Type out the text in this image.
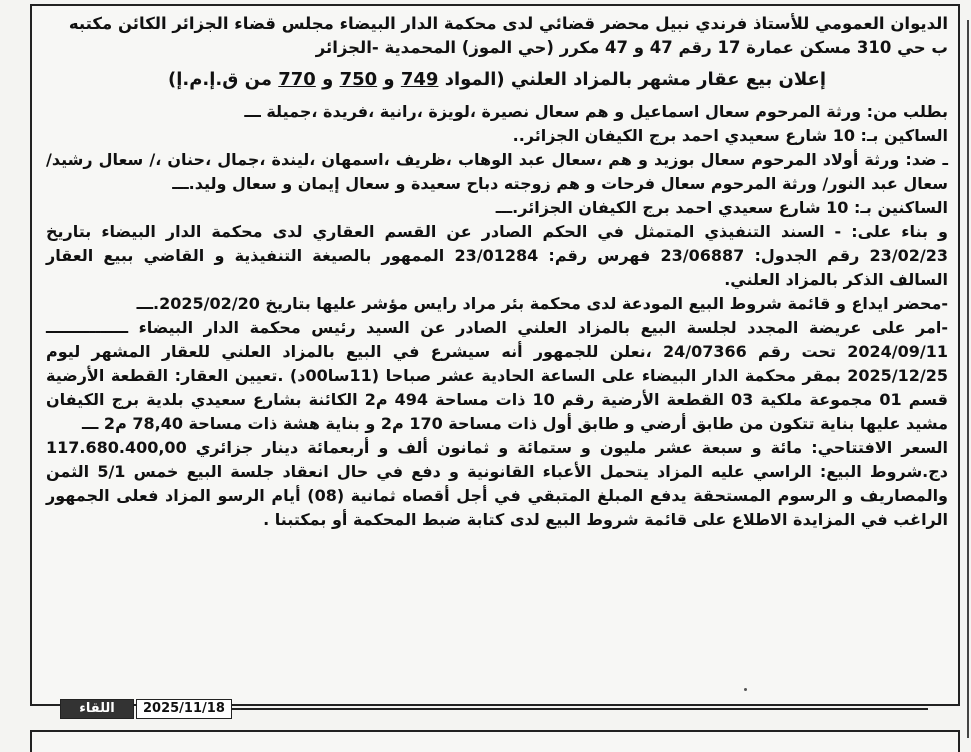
الديوان العمومي للأستاذ فرندي نبيل محضر قضائي لدى محكمة الدار البيضاء مجلس قضاء الجزائر الكائن مكتبه

ب حي 310 مسكن عمارة 17 رقم 47 و 47 مكرر (حي الموز) المحمدية -الجزائر

إعلان بيع عقار مشهر بالمزاد العلني (المواد 749 و 750 و 770 من ق.إ.م.إ)

بطلب من: ورثة المرحوم سعال اسماعيل و هم سعال نصيرة ،لويزة ،رانية ،فريدة ،جميلة ـــ

الساكين بـ: 10 شارع سعيدي احمد برج الكيفان الجزائر..

ـ ضد: ورثة أولاد المرحوم سعال بوزيد و هم ،سعال عبد الوهاب ،ظريف ،اسمهان ،ليندة ،جمال ،حنان ،/ سعال رشيد/ سعال عبد النور/ ورثة المرحوم سعال فرحات و هم زوجته دباح سعيدة و سعال إيمان و سعال وليد.ـــ

الساكنين بـ: 10 شارع سعيدي احمد برج الكيفان الجزائر.ـــ

و بناء على: - السند التنفيذي المتمثل في الحكم الصادر عن القسم العقاري لدى محكمة الدار البيضاء بتاريخ 23/02/23 رقم الجدول: 23/06887 فهرس رقم: 23/01284 الممهور بالصيغة التنفيذية و القاضي ببيع العقار السالف الذكر بالمزاد العلني.

-محضر ايداع و قائمة شروط البيع المودعة لدى محكمة بئر مراد رايس مؤشر عليها بتاريخ 2025/02/20.ـــ

-امر على عريضة المجدد لجلسة البيع بالمزاد العلني الصادر عن السيد رئيس محكمة الدار البيضاء ـــــــــــــــ 2024/09/11 تحت رقم 24/07366 ،نعلن للجمهور أنه سيشرع في البيع بالمزاد العلني للعقار المشهر ليوم 2025/12/25 بمقر محكمة الدار البيضاء على الساعة الحادية عشر صباحا (11سا00د) .تعيين العقار: القطعة الأرضية قسم 01 مجموعة ملكية 03 القطعة الأرضية رقم 10 ذات مساحة 494 م2 الكائنة بشارع سعيدي بلدية برج الكيفان مشيد عليها بناية تتكون من طابق أرضي و طابق أول ذات مساحة 170 م2 و بناية هشة ذات مساحة 78,40 م2 ـــ

السعر الافتتاحي: مائة و سبعة عشر مليون و ستمائة و ثمانون ألف و أربعمائة دينار جزائري 117.680.400,00 دج.شروط البيع: الراسي عليه المزاد يتحمل الأعباء القانونية و دفع في حال انعقاد جلسة البيع خمس 5/1 الثمن والمصاريف و الرسوم المستحقة يدفع المبلغ المتبقي في أجل أقصاه ثمانية (08) أيام الرسو المزاد فعلى الجمهور الراغب في المزايدة الاطلاع على قائمة شروط البيع لدى كتابة ضبط المحكمة أو بمكتبنا .

اللقاء	2025/11/18
